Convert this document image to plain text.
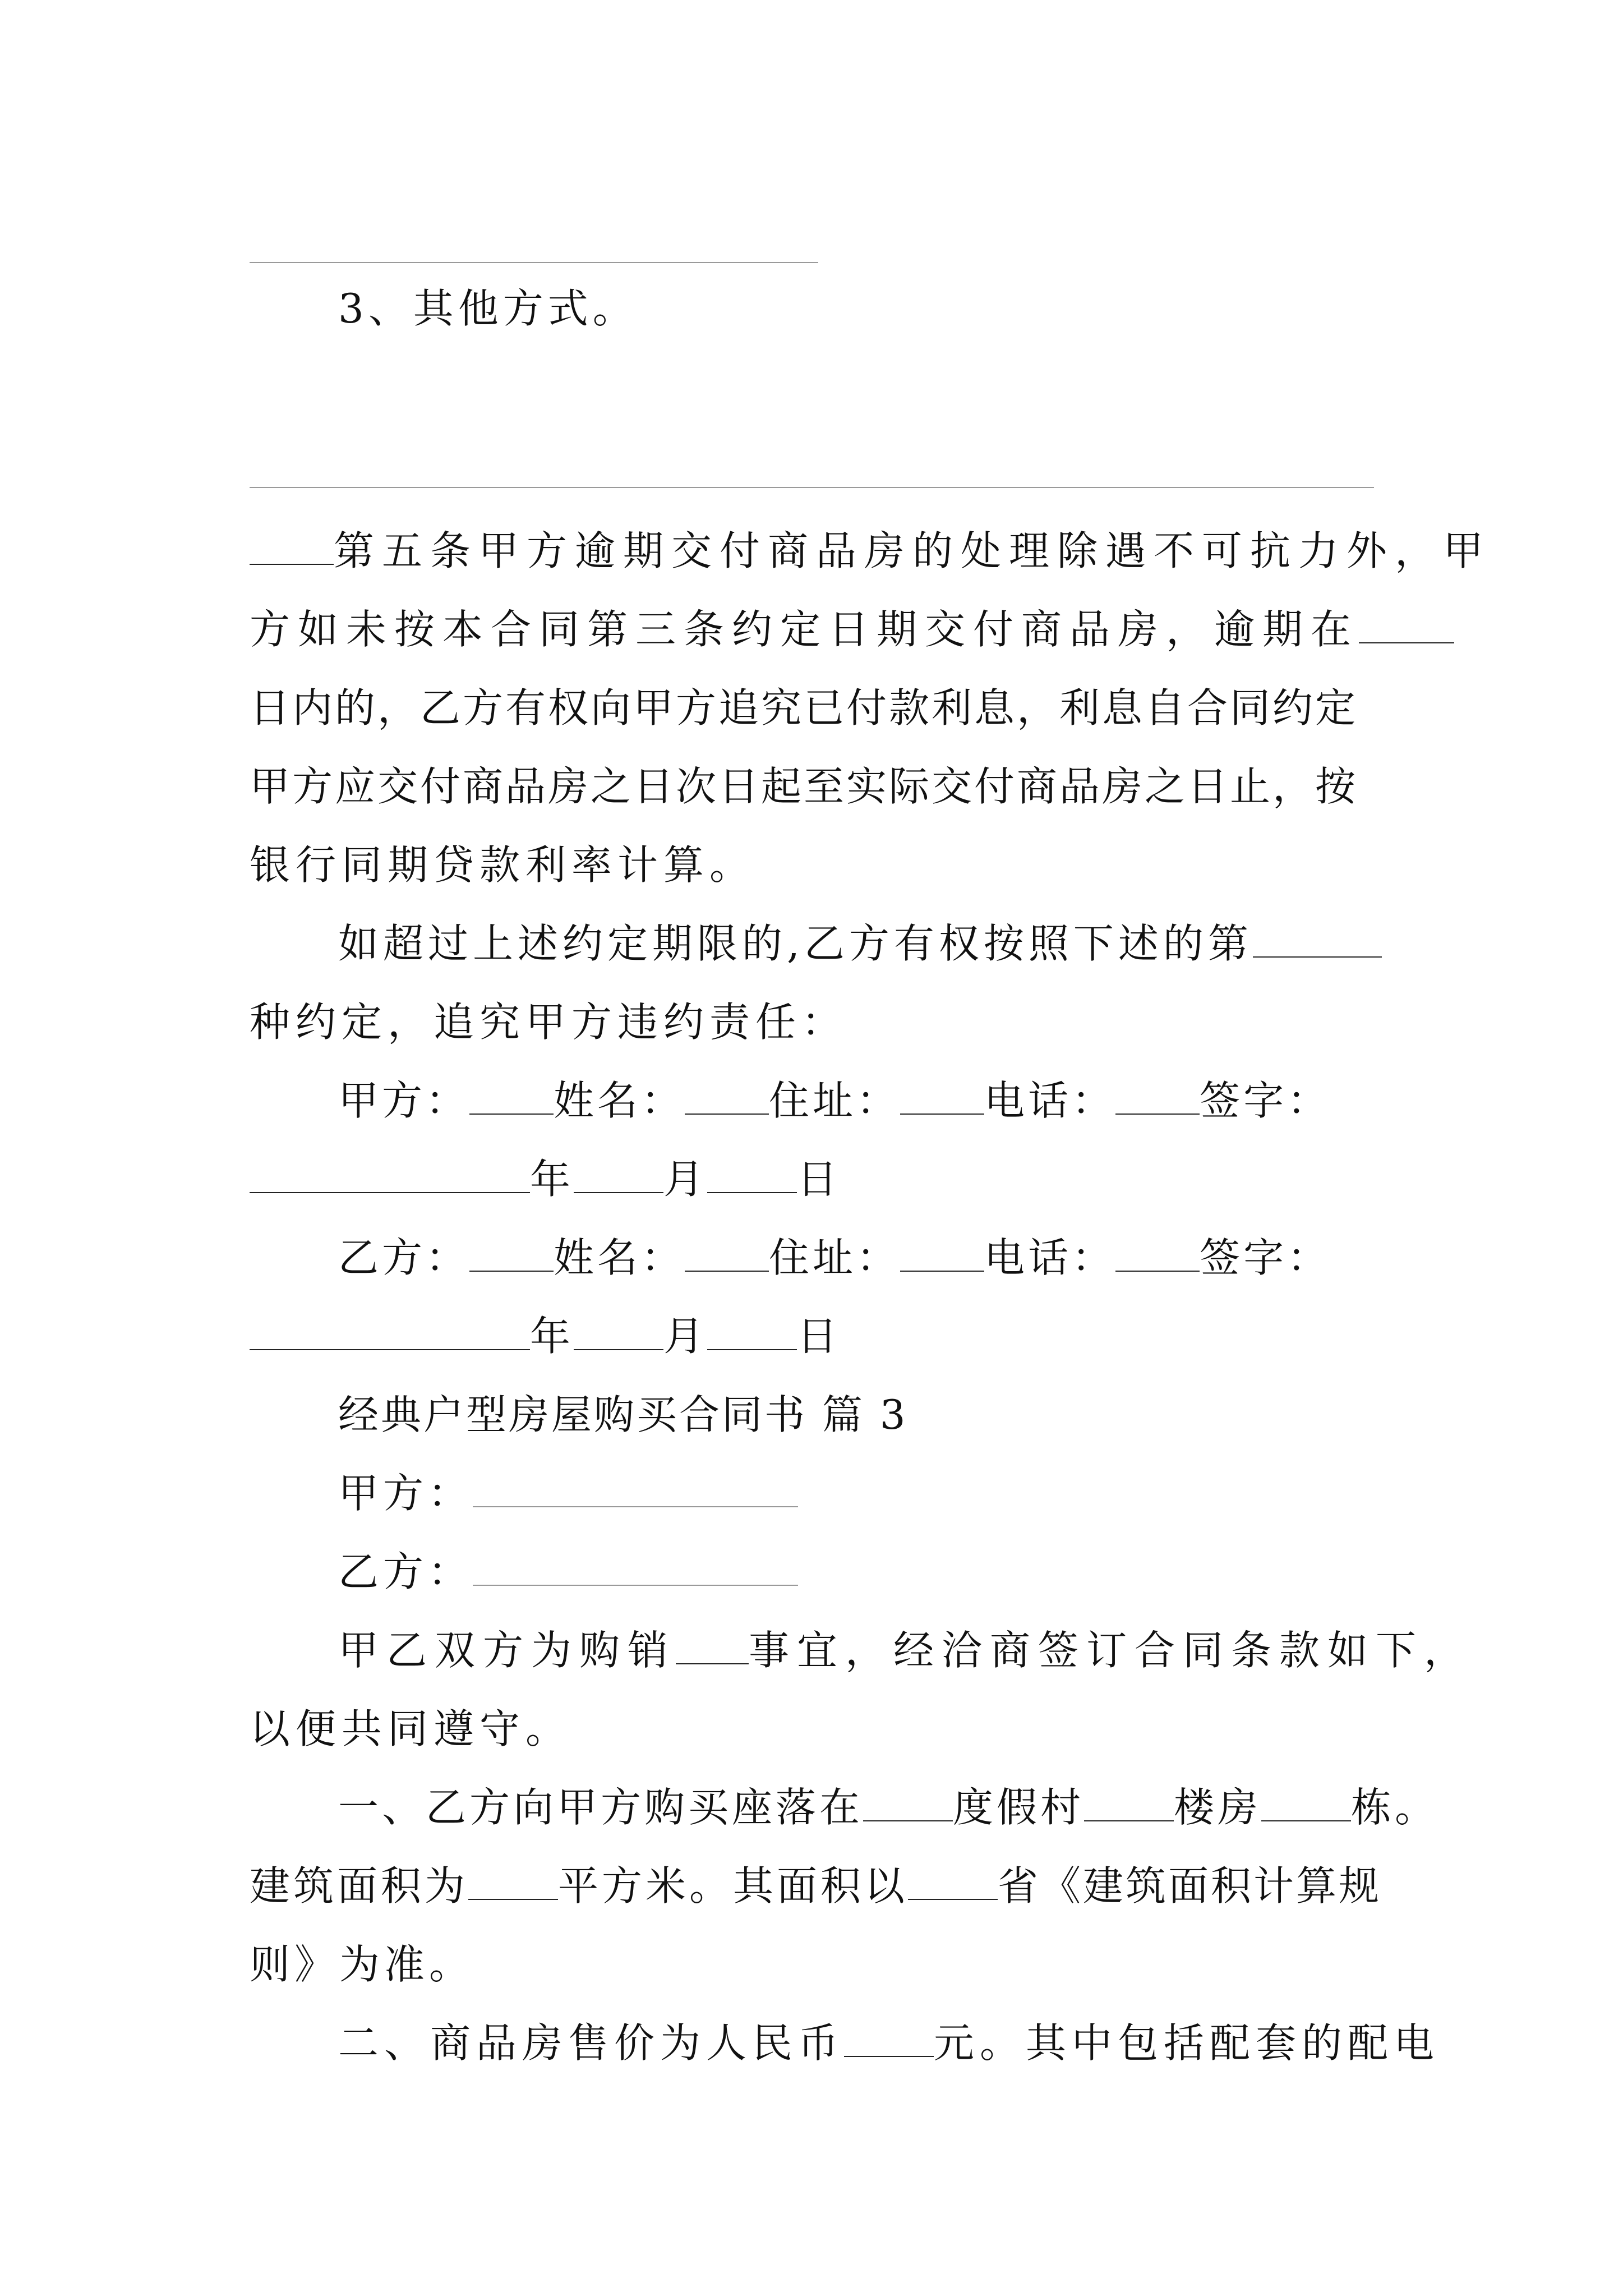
3、其他方式。
第五条甲方逾期交付商品房的处理除遇不可抗力外，甲
方如未按本合同第三条约定日期交付商品房，逾期在
日内的，乙方有权向甲方追究已付款利息，利息自合同约定
甲方应交付商品房之日次日起至实际交付商品房之日止，按
银行同期贷款利率计算。
如超过上述约定期限的,乙方有权按照下述的第
种约定，追究甲方违约责任：
甲方： 姓名： 住址： 电话： 签字：
年 月 日
乙方： 姓名： 住址： 电话： 签字：
年 月 日
经典户型房屋购买合同书 篇 3
甲方：
乙方：
甲乙双方为购销 事宜，经洽商签订合同条款如下，
以便共同遵守。
一、乙方向甲方购买座落在 度假村 楼房 栋。
建筑面积为 平方米。其面积以 省《建筑面积计算规
则》为准。
二、商品房售价为人民币 元。其中包括配套的配电
